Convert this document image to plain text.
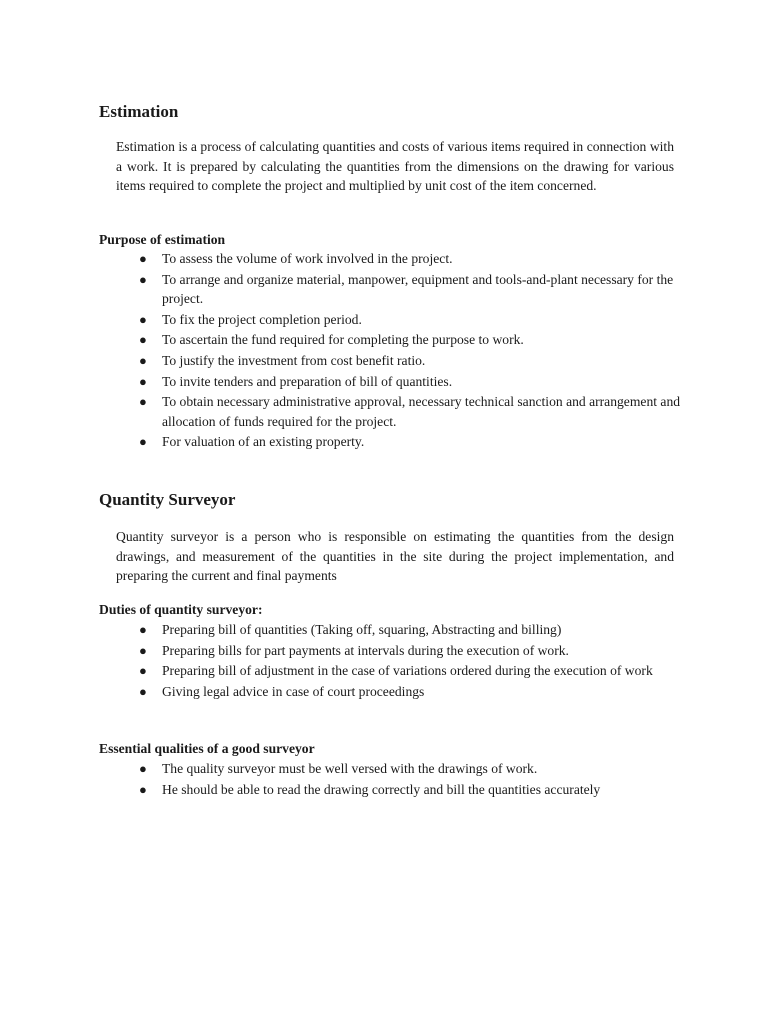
Estimation

Estimation is a process of calculating quantities and costs of various items required in connection with a work. It is prepared by calculating the quantities from the dimensions on the drawing for various items required to complete the project and multiplied by unit cost of the item concerned.

Purpose of estimation
● To assess the volume of work involved in the project.
● To arrange and organize material, manpower, equipment and tools-and-plant necessary for the project.
● To fix the project completion period.
● To ascertain the fund required for completing the purpose to work.
● To justify the investment from cost benefit ratio.
● To invite tenders and preparation of bill of quantities.
● To obtain necessary administrative approval, necessary technical sanction and arrangement and allocation of funds required for the project.
● For valuation of an existing property.
Quantity Surveyor

Quantity surveyor is a person who is responsible on estimating the quantities from the design drawings, and measurement of the quantities in the site during the project implementation, and preparing the current and final payments

Duties of quantity surveyor:
● Preparing bill of quantities (Taking off, squaring, Abstracting and billing)
● Preparing bills for part payments at intervals during the execution of work.
● Preparing bill of adjustment in the case of variations ordered during the execution of work
● Giving legal advice in case of court proceedings
Essential qualities of a good surveyor
● The quality surveyor must be well versed with the drawings of work.
● He should be able to read the drawing correctly and bill the quantities accurately
